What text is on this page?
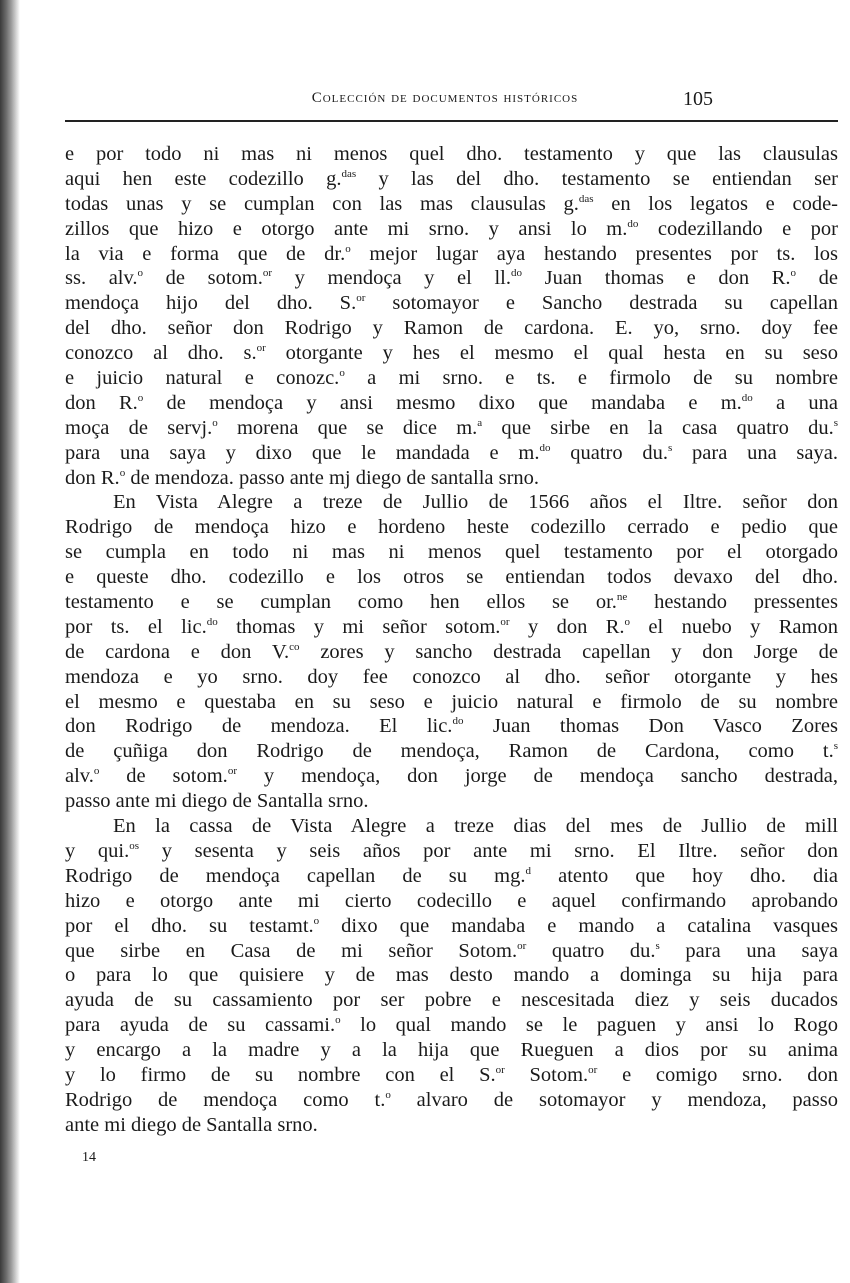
Colección de documentos históricos	105
e por todo ni mas ni menos quel dho. testamento y que las clausulas
aqui hen este codezillo g.$^{das}$ y las del dho. testamento se entiendan ser
todas unas y se cumplan con las mas clausulas g.$^{das}$ en los legatos e code-
zillos que hizo e otorgo ante mi srno. y ansi lo m.$^{do}$ codezillando e por
la via e forma que de dr.$^o$ mejor lugar aya hestando presentes por ts. los
ss. alv.$^o$ de sotom.$^{or}$ y mendoça y el ll.$^{do}$ Juan thomas e don R.$^o$ de
mendoça hijo del dho. S.$^{or}$ sotomayor e Sancho destrada su capellan
del dho. señor don Rodrigo y Ramon de cardona. E. yo, srno. doy fee
conozco al dho. s.$^{or}$ otorgante y hes el mesmo el qual hesta en su seso
e juicio natural e conozc.$^o$ a mi srno. e ts. e firmolo de su nombre
don R.$^o$ de mendoça y ansi mesmo dixo que mandaba e m.$^{do}$ a una
moça de servj.$^o$ morena que se dice m.$^a$ que sirbe en la casa quatro du.$^s$
para una saya y dixo que le mandada e m.$^{do}$ quatro du.$^s$ para una saya.
don R.$^o$ de mendoza. passo ante mj diego de santalla srno.
En Vista Alegre a treze de Jullio de 1566 años el Iltre. señor don
Rodrigo de mendoça hizo e hordeno heste codezillo cerrado e pedio que
se cumpla en todo ni mas ni menos quel testamento por el otorgado
e queste dho. codezillo e los otros se entiendan todos devaxo del dho.
testamento e se cumplan como hen ellos se or.$^{ne}$ hestando pressentes
por ts. el lic.$^{do}$ thomas y mi señor sotom.$^{or}$ y don R.$^o$ el nuebo y Ramon
de cardona e don V.$^{co}$ zores y sancho destrada capellan y don Jorge de
mendoza e yo srno. doy fee conozco al dho. señor otorgante y hes
el mesmo e questaba en su seso e juicio natural e firmolo de su nombre
don Rodrigo de mendoza. El lic.$^{do}$ Juan thomas Don Vasco Zores
de çuñiga don Rodrigo de mendoça, Ramon de Cardona, como t.$^s$
alv.$^o$ de sotom.$^{or}$ y mendoça, don jorge de mendoça sancho destrada,
passo ante mi diego de Santalla srno.
En la cassa de Vista Alegre a treze dias del mes de Jullio de mill
y qui.$^{os}$ y sesenta y seis años por ante mi srno. El Iltre. señor don
Rodrigo de mendoça capellan de su mg.$^d$ atento que hoy dho. dia
hizo e otorgo ante mi cierto codecillo e aquel confirmando aprobando
por el dho. su testamt.$^o$ dixo que mandaba e mando a catalina vasques
que sirbe en Casa de mi señor Sotom.$^{or}$ quatro du.$^s$ para una saya
o para lo que quisiere y de mas desto mando a dominga su hija para
ayuda de su cassamiento por ser pobre e nescesitada diez y seis ducados
para ayuda de su cassami.$^o$ lo qual mando se le paguen y ansi lo Rogo
y encargo a la madre y a la hija que Rueguen a dios por su anima
y lo firmo de su nombre con el S.$^{or}$ Sotom.$^{or}$ e comigo srno. don
Rodrigo de mendoça como t.$^o$ alvaro de sotomayor y mendoza, passo
ante mi diego de Santalla srno.
14
